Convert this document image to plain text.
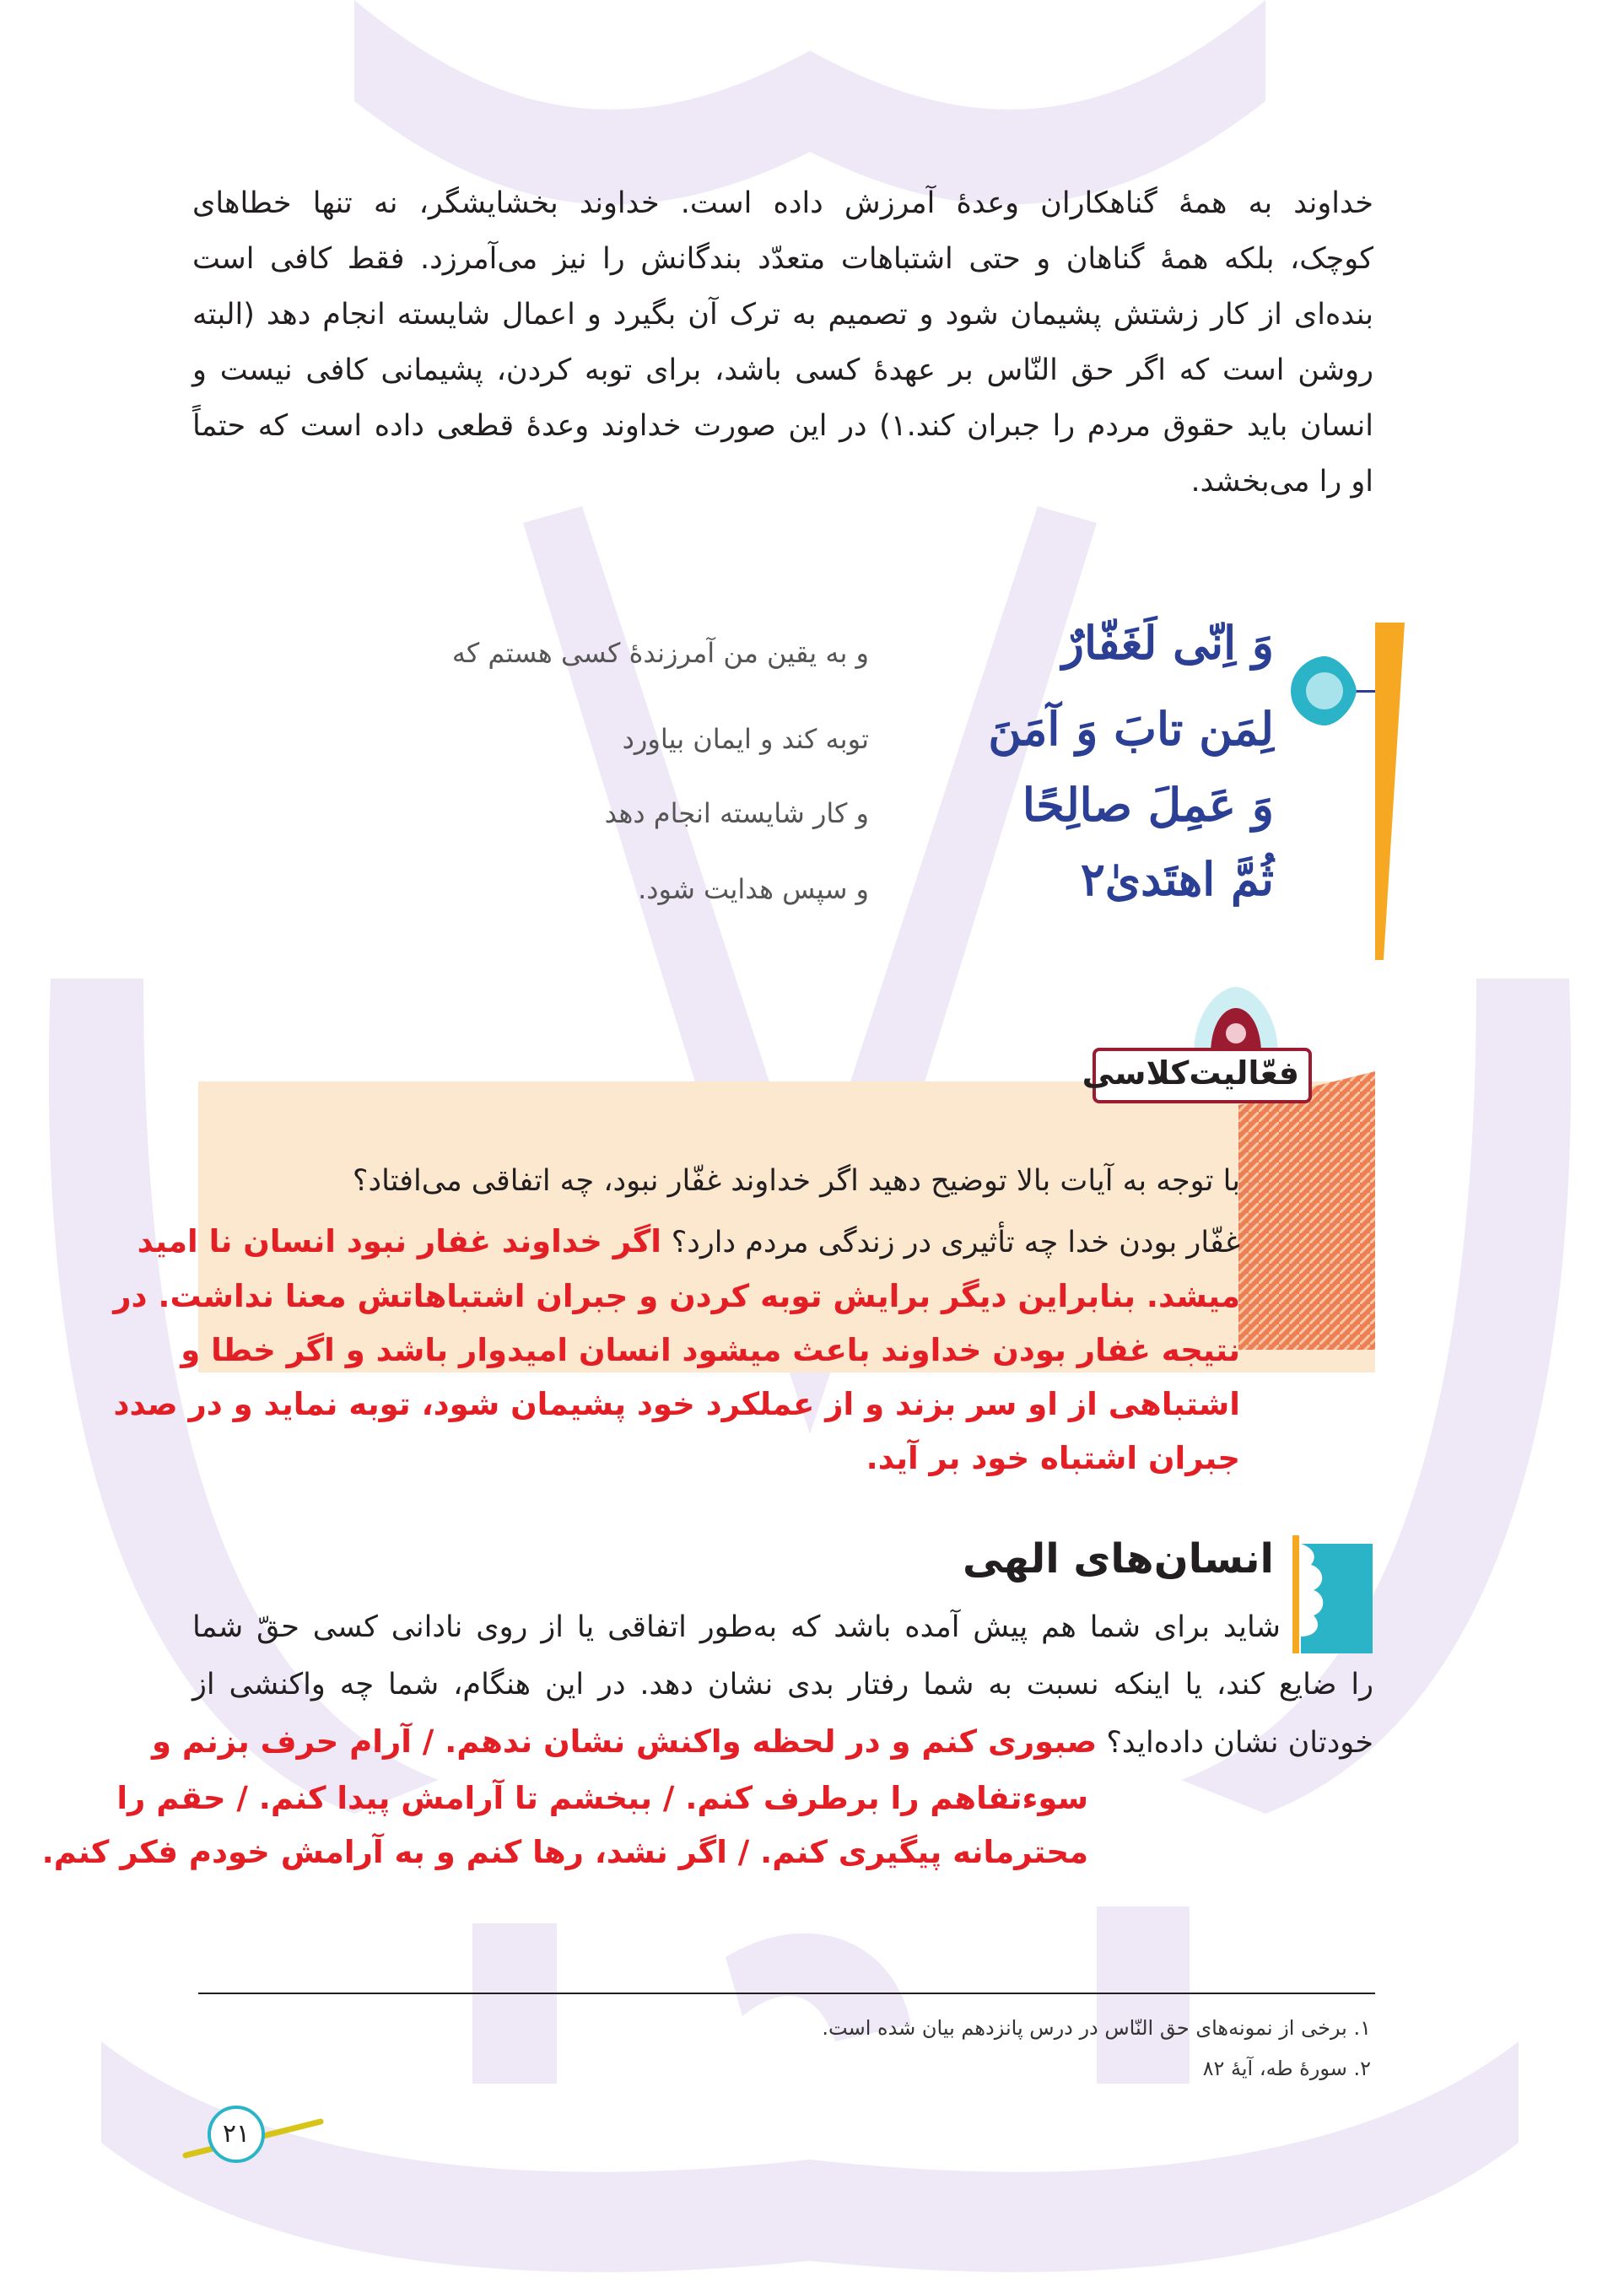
خداوند به همهٔ گناهکاران وعدهٔ آمرزش داده است. خداوند بخشایشگر، نه تنها خطاهای
کوچک، بلکه همهٔ گناهان و حتی اشتباهات متعدّد بندگانش را نیز می‌آمرزد. فقط کافی است
بنده‌ای از کار زشتش پشیمان شود و تصمیم به ترک آن بگیرد و اعمال شایسته انجام دهد (البته
روشن است که اگر حق النّاس بر عهدهٔ کسی باشد، برای توبه کردن، پشیمانی کافی نیست و
انسان باید حقوق مردم را جبران کند.۱) در این صورت خداوند وعدهٔ قطعی داده است که حتماً
او را می‌بخشد.
وَ اِنّی لَغَفّارٌ
و به یقین من آمرزندهٔ کسی هستم که
لِمَن تابَ وَ آمَنَ
توبه کند و ایمان بیاورد
وَ عَمِلَ صالِحًا
و کار شایسته انجام دهد
ثُمَّ اهتَدیٰ۲
و سپس هدایت شود.
فعّالیت‌کلاسی
با توجه به آیات بالا توضیح دهید اگر خداوند غفّار نبود، چه اتفاقی می‌افتاد؟
غفّار بودن خدا چه تأثیری در زندگی مردم دارد؟ اگر خداوند غفار نبود انسان نا امید
میشد. بنابراین دیگر برایش توبه کردن و جبران اشتباهاتش معنا نداشت. در
نتیجه غفار بودن خداوند باعث میشود انسان امیدوار باشد و اگر خطا و
اشتباهی از او سر بزند و از عملکرد خود پشیمان شود، توبه نماید و در صدد
جبران اشتباه خود بر آید.
انسان‌های الهی
شاید برای شما هم پیش آمده باشد که به‌طور اتفاقی یا از روی نادانی کسی حقّ شما
را ضایع کند، یا اینکه نسبت به شما رفتار بدی نشان دهد. در این هنگام، شما چه واکنشی از
خودتان نشان داده‌اید؟ صبوری کنم و در لحظه واکنش نشان ندهم. / آرام حرف بزنم و
سوءتفاهم را برطرف کنم. / ببخشم تا آرامش پیدا کنم. / حقم را
محترمانه پیگیری کنم. / اگر نشد، رها کنم و به آرامش خودم فکر کنم.
۱. برخی از نمونه‌های حق النّاس در درس پانزدهم بیان شده است.
۲. سورهٔ طه، آیهٔ ۸۲
۲۱
